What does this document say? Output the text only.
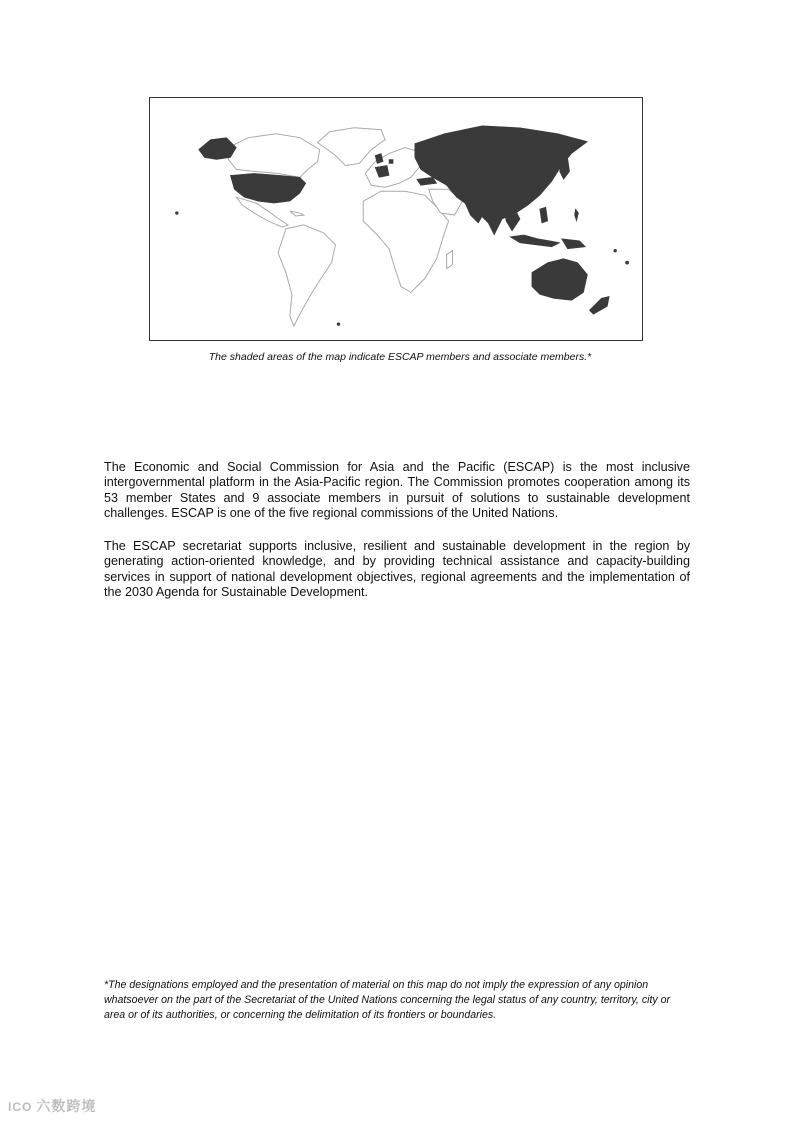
The shaded areas of the map indicate ESCAP members and associate members.*

The Economic and Social Commission for Asia and the Pacific (ESCAP) is the most inclusive intergovernmental platform in the Asia-Pacific region. The Commission promotes cooperation among its 53 member States and 9 associate members in pursuit of solutions to sustainable development challenges. ESCAP is one of the five regional commissions of the United Nations.

The ESCAP secretariat supports inclusive, resilient and sustainable development in the region by generating action-oriented knowledge, and by providing technical assistance and capacity-building services in support of national development objectives, regional agreements and the implementation of the 2030 Agenda for Sustainable Development.

*The designations employed and the presentation of material on this map do not imply the expression of any opinion whatsoever on the part of the Secretariat of the United Nations concerning the legal status of any country, territory, city or area or of its authorities, or concerning the delimitation of its frontiers or boundaries.
ICO 六数跨境
